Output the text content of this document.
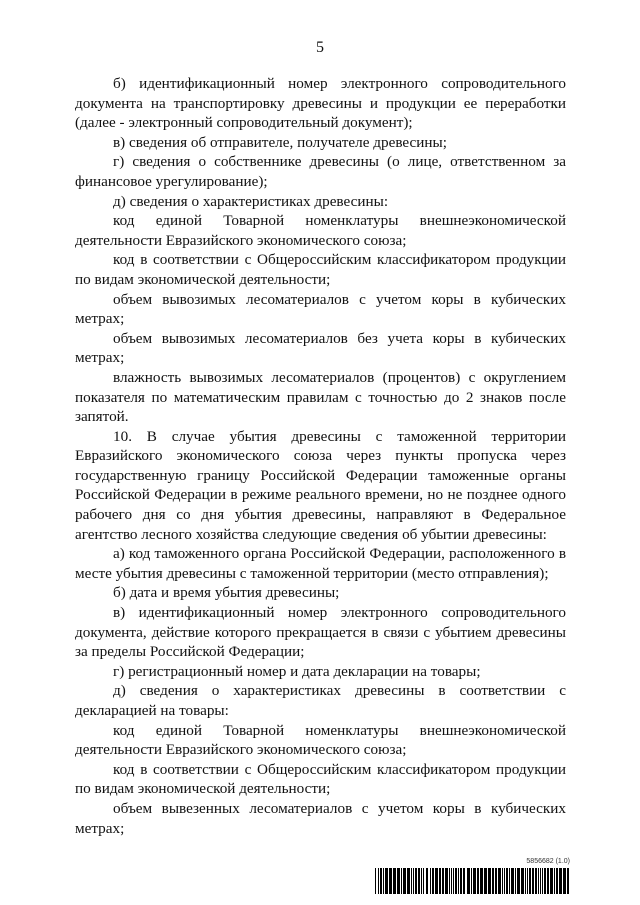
5

б) идентификационный номер электронного сопроводительного документа на транспортировку древесины и продукции ее переработки (далее - электронный сопроводительный документ);

в) сведения об отправителе, получателе древесины;

г) сведения о собственнике древесины (о лице, ответственном за финансовое урегулирование);

д) сведения о характеристиках древесины:

код единой Товарной номенклатуры внешнеэкономической деятельности Евразийского экономического союза;

код в соответствии с Общероссийским классификатором продукции по видам экономической деятельности;

объем вывозимых лесоматериалов с учетом коры в кубических метрах;

объем вывозимых лесоматериалов без учета коры в кубических метрах;

влажность вывозимых лесоматериалов (процентов) с округлением показателя по математическим правилам с точностью до 2 знаков после запятой.

10. В случае убытия древесины с таможенной территории Евразийского экономического союза через пункты пропуска через государственную границу Российской Федерации таможенные органы Российской Федерации в режиме реального времени, но не позднее одного рабочего дня со дня убытия древесины, направляют в Федеральное агентство лесного хозяйства следующие сведения об убытии древесины:

а) код таможенного органа Российской Федерации, расположенного в месте убытия древесины с таможенной территории (место отправления);

б) дата и время убытия древесины;

в) идентификационный номер электронного сопроводительного документа, действие которого прекращается в связи с убытием древесины за пределы Российской Федерации;

г) регистрационный номер и дата декларации на товары;

д) сведения о характеристиках древесины в соответствии с декларацией на товары:

код единой Товарной номенклатуры внешнеэкономической деятельности Евразийского экономического союза;

код в соответствии с Общероссийским классификатором продукции по видам экономической деятельности;

объем вывезенных лесоматериалов с учетом коры в кубических метрах;

5856682 (1.0)
